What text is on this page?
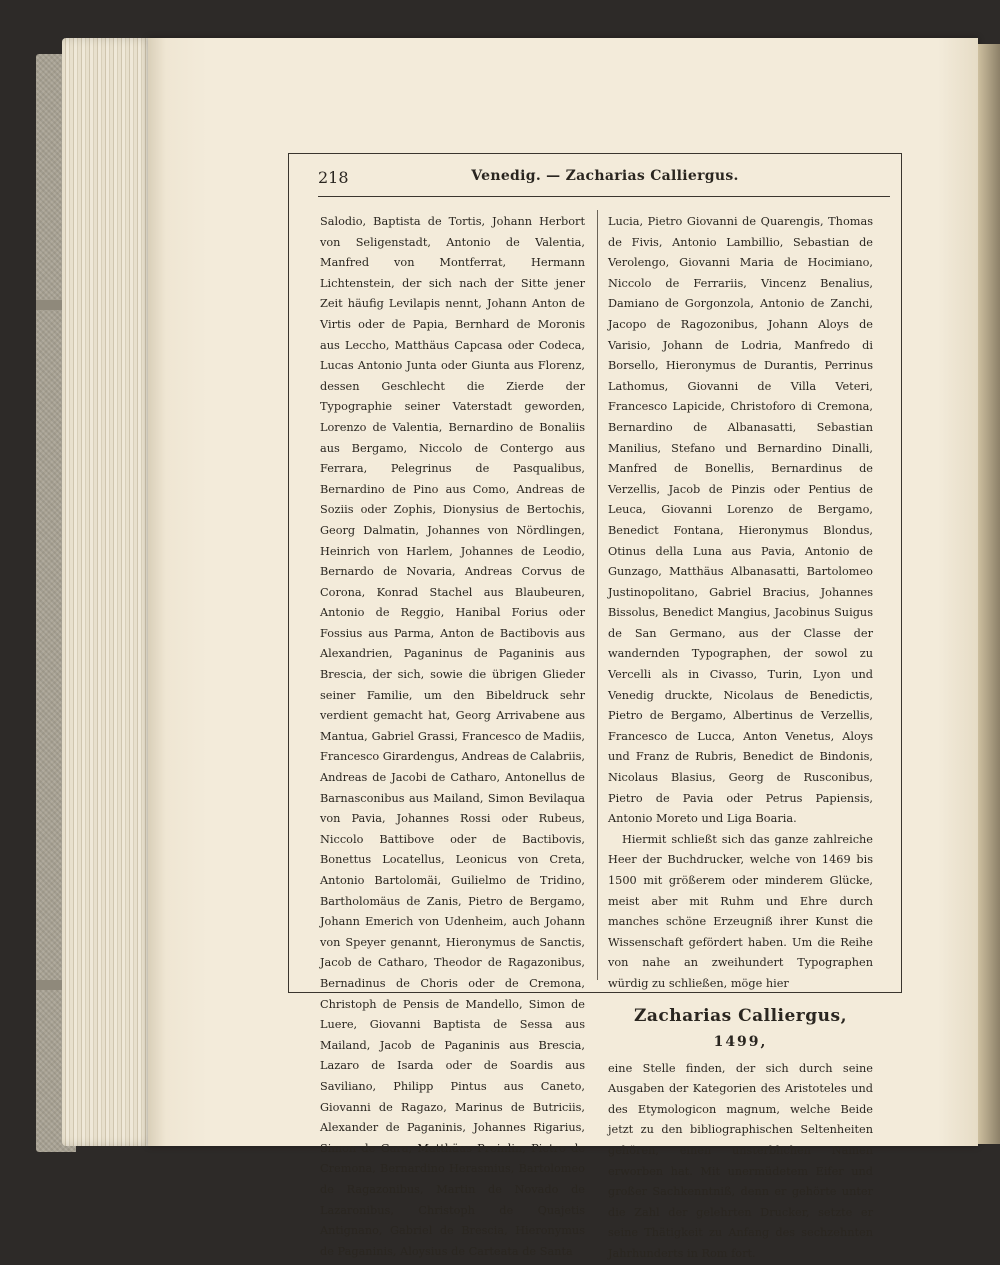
218	Venedig. — Zacharias Calliergus.

Salodio, Baptista de Tortis, Johann Herbort von Seligenstadt, Antonio de Valentia, Manfred von Montferrat, Hermann Lichtenstein, der sich nach der Sitte jener Zeit häufig Levilapis nennt, Johann Anton de Virtis oder de Papia, Bernhard de Moronis aus Leccho, Matthäus Capcasa oder Codeca, Lucas Antonio Junta oder Giunta aus Florenz, dessen Geschlecht die Zierde der Typographie seiner Vaterstadt geworden, Lorenzo de Valentia, Bernardino de Bonaliis aus Bergamo, Niccolo de Contergo aus Ferrara, Pelegrinus de Pasqualibus, Bernardino de Pino aus Como, Andreas de Soziis oder Zophis, Dionysius de Bertochis, Georg Dalmatin, Johannes von Nördlingen, Heinrich von Harlem, Johannes de Leodio, Bernardo de Novaria, Andreas Corvus de Corona, Konrad Stachel aus Blaubeuren, Antonio de Reggio, Hanibal Forius oder Fossius aus Parma, Anton de Bactibovis aus Alexandrien, Paganinus de Paganinis aus Brescia, der sich, sowie die übrigen Glieder seiner Familie, um den Bibeldruck sehr verdient gemacht hat, Georg Arrivabene aus Mantua, Gabriel Grassi, Francesco de Madiis, Francesco Girardengus, Andreas de Calabriis, Andreas de Jacobi de Catharo, Antonellus de Barnasconibus aus Mailand, Simon Bevilaqua von Pavia, Johannes Rossi oder Rubeus, Niccolo Battibove oder de Bactibovis, Bonettus Locatellus, Leonicus von Creta, Antonio Bartolomäi, Guilielmo de Tridino, Bartholomäus de Zanis, Pietro de Bergamo, Johann Emerich von Udenheim, auch Johann von Speyer genannt, Hieronymus de Sanctis, Jacob de Catharo, Theodor de Ragazonibus, Bernadinus de Choris oder de Cremona, Christoph de Pensis de Mandello, Simon de Luere, Giovanni Baptista de Sessa aus Mailand, Jacob de Paganinis aus Brescia, Lazaro de Isarda oder de Soardis aus Saviliano, Philipp Pintus aus Caneto, Giovanni de Ragazo, Marinus de Butriciis, Alexander de Paganinis, Johannes Rigarius, Simon de Gara, Matthäus Preinlin, Pietro de Cremona, Bernardino Herasmius, Bartolomeo de Ragazonibus, Martin de Novado de Lazaronibus, Christoph de Quajetis Antignano, Gabriel de Brescia, Hieronymus de Paganinis, Aloysius de Carteata de Santa

Lucia, Pietro Giovanni de Quarengis, Thomas de Fivis, Antonio Lambillio, Sebastian de Verolengo, Giovanni Maria de Hocimiano, Niccolo de Ferrariis, Vincenz Benalius, Damiano de Gorgonzola, Antonio de Zanchi, Jacopo de Ragozonibus, Johann Aloys de Varisio, Johann de Lodria, Manfredo di Borsello, Hieronymus de Durantis, Perrinus Lathomus, Giovanni de Villa Veteri, Francesco Lapicide, Christoforo di Cremona, Bernardino de Albanasatti, Sebastian Manilius, Stefano und Bernardino Dinalli, Manfred de Bonellis, Bernardinus de Verzellis, Jacob de Pinzis oder Pentius de Leuca, Giovanni Lorenzo de Bergamo, Benedict Fontana, Hieronymus Blondus, Otinus della Luna aus Pavia, Antonio de Gunzago, Matthäus Albanasatti, Bartolomeo Justinopolitano, Gabriel Bracius, Johannes Bissolus, Benedict Mangius, Jacobinus Suigus de San Germano, aus der Classe der wandernden Typographen, der sowol zu Vercelli als in Civasso, Turin, Lyon und Venedig druckte, Nicolaus de Benedictis, Pietro de Bergamo, Albertinus de Verzellis, Francesco de Lucca, Anton Venetus, Aloys und Franz de Rubris, Benedict de Bindonis, Nicolaus Blasius, Georg de Rusconibus, Pietro de Pavia oder Petrus Papiensis, Antonio Moreto und Liga Boaria.

Hiermit schließt sich das ganze zahlreiche Heer der Buchdrucker, welche von 1469 bis 1500 mit größerem oder minderem Glücke, meist aber mit Ruhm und Ehre durch manches schöne Erzeugniß ihrer Kunst die Wissenschaft gefördert haben. Um die Reihe von nahe an zweihundert Typographen würdig zu schließen, möge hier

Zacharias Calliergus,
1499,

eine Stelle finden, der sich durch seine Ausgaben der Kategorien des Aristoteles und des Etymologicon magnum, welche Beide jetzt zu den bibliographischen Seltenheiten gehören, einen unsterblichen Namen erworben hat. Mit unermüdetem Eifer und großer Sachkenntniß, denn er gehörte unter die Zahl der gelehrten Drucker, setzte er seine Thätigkeit zu Anfang des sechzehnten Jahrhunderts in Rom fort.
